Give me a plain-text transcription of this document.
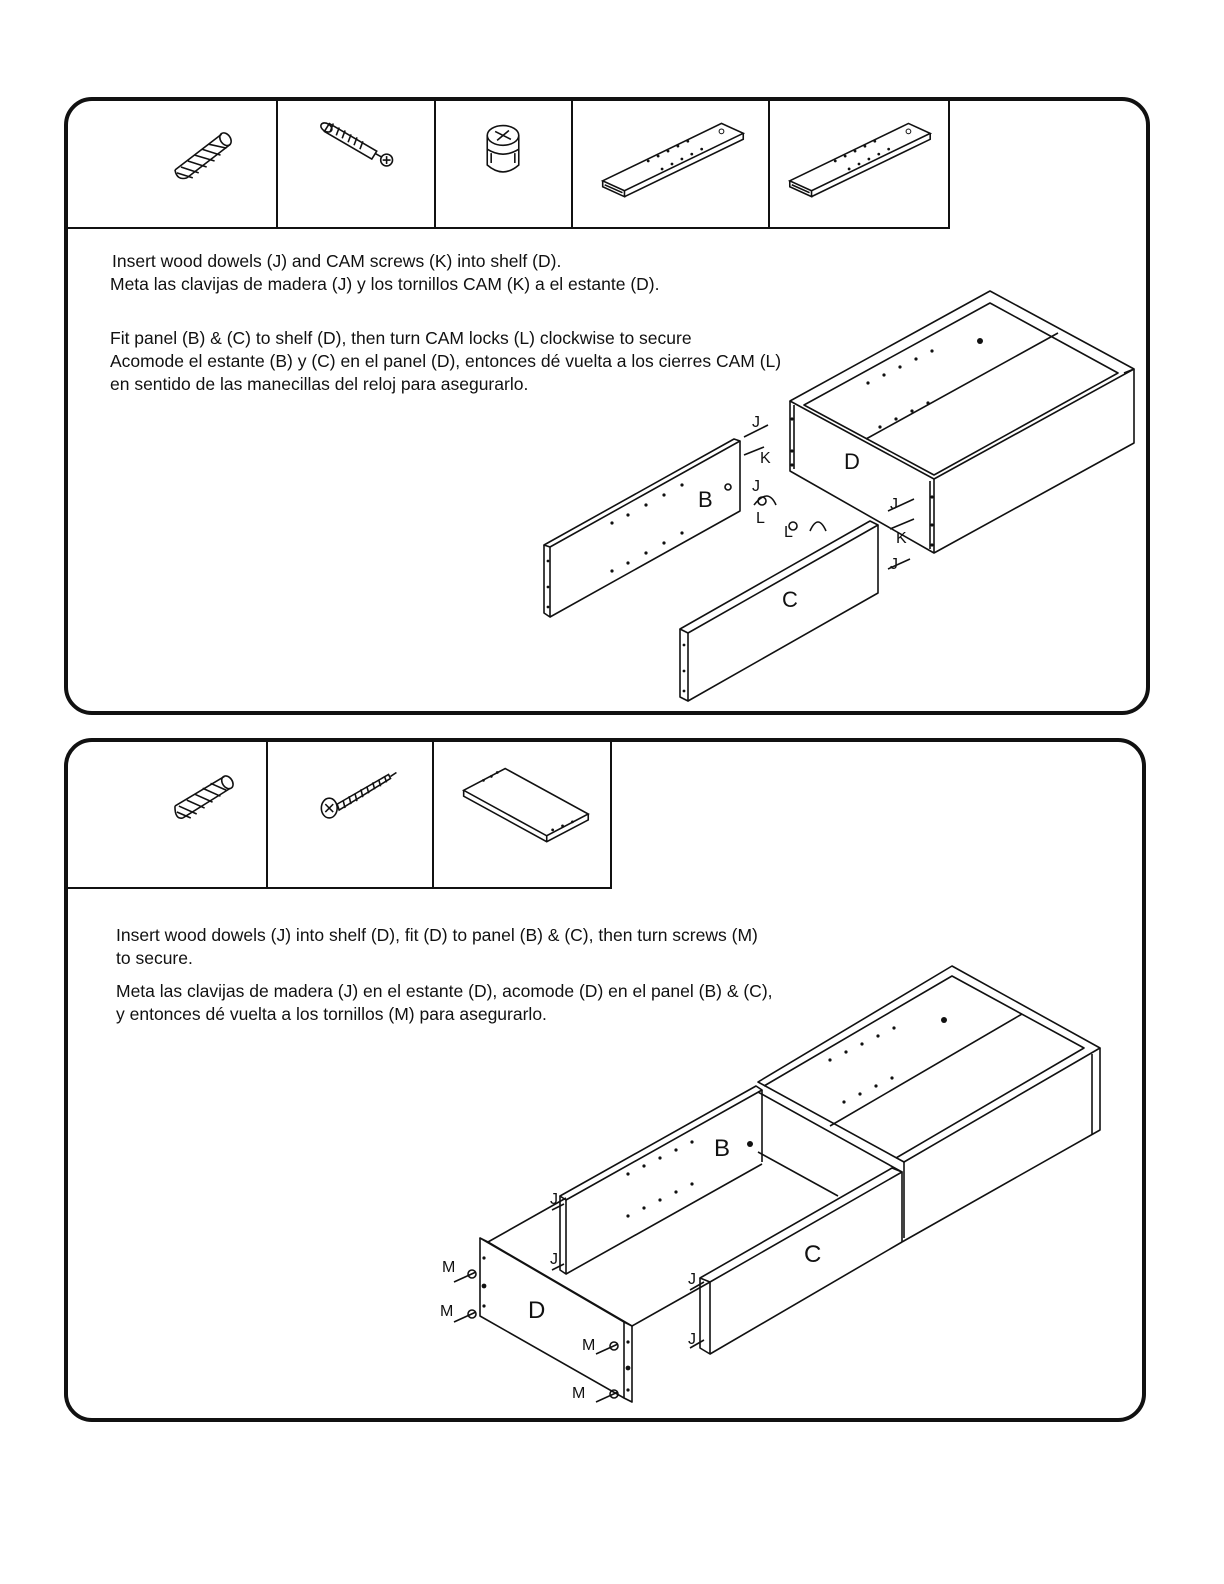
Insert wood dowels (J) and CAM screws (K) into shelf (D).

Meta las clavijas de madera (J) y los tornillos CAM (K) a el estante (D).

Fit panel (B) & (C) to shelf (D), then turn CAM locks (L) clockwise to secure

Acomode el estante (B) y (C) en el panel (D), entonces dé vuelta a los cierres CAM (L)

en sentido de las manecillas del reloj para asegurarlo.

J
K
J
L
L
J
K
J
B
C
D

Insert wood dowels (J) into shelf (D), fit (D) to panel (B) & (C), then turn screws (M)

to secure.

Meta las clavijas de madera (J) en el estante (D), acomode (D) en el panel (B) & (C),

y entonces dé vuelta a los tornillos (M) para asegurarlo.

J
J
J
J
M
M
M
M
B
C
D
